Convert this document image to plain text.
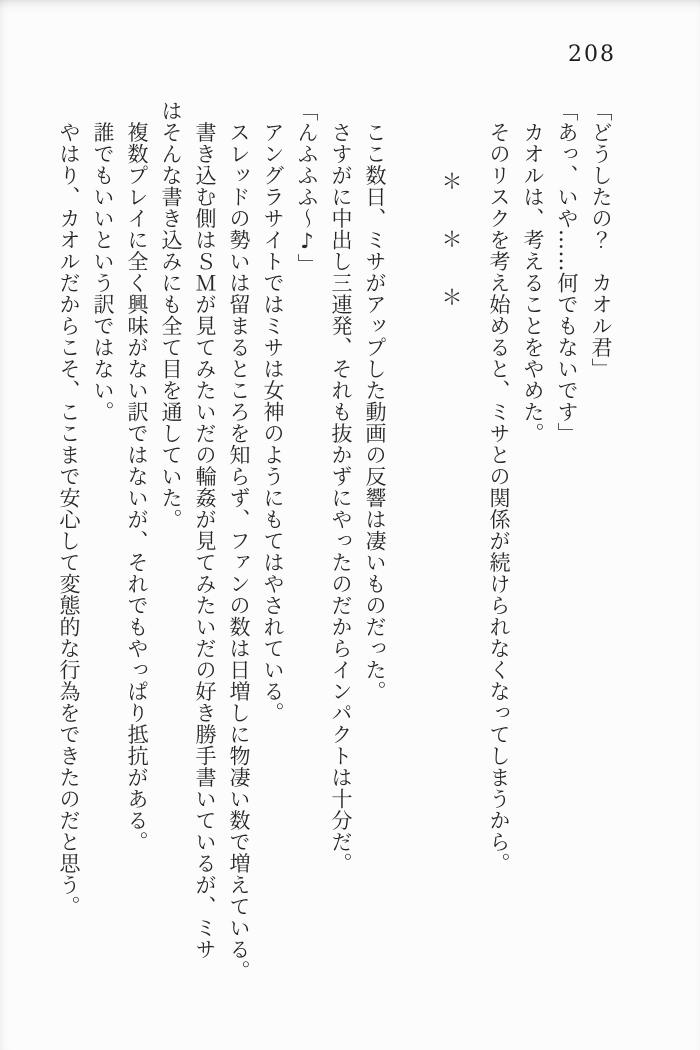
208

「どうしたの？　カオル君」

「あっ、いや……何でもないです」

　カオルは、考えることをやめた。

　そのリスクを考え始めると、ミサとの関係が続けられなくなってしまうから。

＊　＊　＊

　ここ数日、ミサがアップした動画の反響は凄いものだった。

　さすがに中出し三連発、それも抜かずにやったのだからインパクトは十分だ。

「んふふふ〜♪」

　アングラサイトではミサは女神のようにもてはやされている。

　スレッドの勢いは留まるところを知らず、ファンの数は日増しに物凄い数で増えている。

　書き込む側はＳＭが見てみたいだの輪姦が見てみたいだの好き勝手書いているが、ミサ

はそんな書き込みにも全て目を通していた。

　複数プレイに全く興味がない訳ではないが、それでもやっぱり抵抗がある。

　誰でもいいという訳ではない。

　やはり、カオルだからこそ、ここまで安心して変態的な行為をできたのだと思う。
